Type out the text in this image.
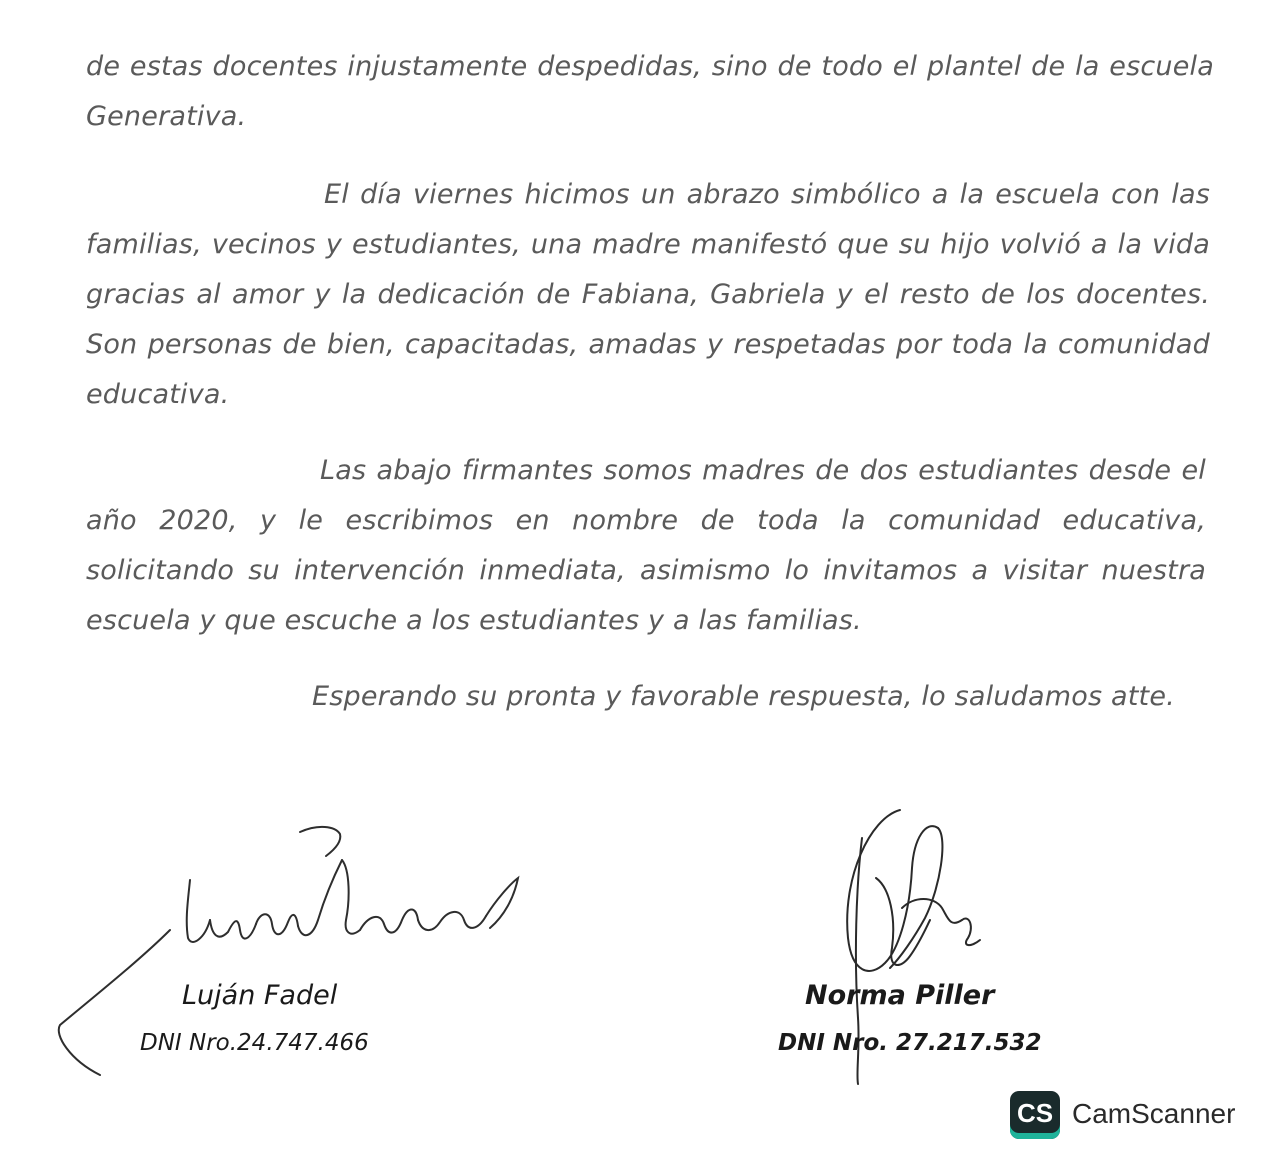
de estas docentes injustamente despedidas, sino de todo el plantel de la escuela Generativa.

El día viernes hicimos un abrazo simbólico a la escuela con las familias, vecinos y estudiantes, una madre manifestó que su hijo volvió a la vida gracias al amor y la dedicación de Fabiana, Gabriela y el resto de los docentes. Son personas de bien, capacitadas, amadas y respetadas por toda la comunidad educativa.

Las abajo firmantes somos madres de dos estudiantes desde el año 2020, y le escribimos en nombre de toda la comunidad educativa, solicitando su intervención inmediata, asimismo lo invitamos a visitar nuestra escuela y que escuche a los estudiantes y a las familias.

Esperando su pronta y favorable respuesta, lo saludamos atte.

Luján Fadel
DNI Nro.24.747.466
Norma Piller
DNI Nro. 27.217.532
CS CamScanner
